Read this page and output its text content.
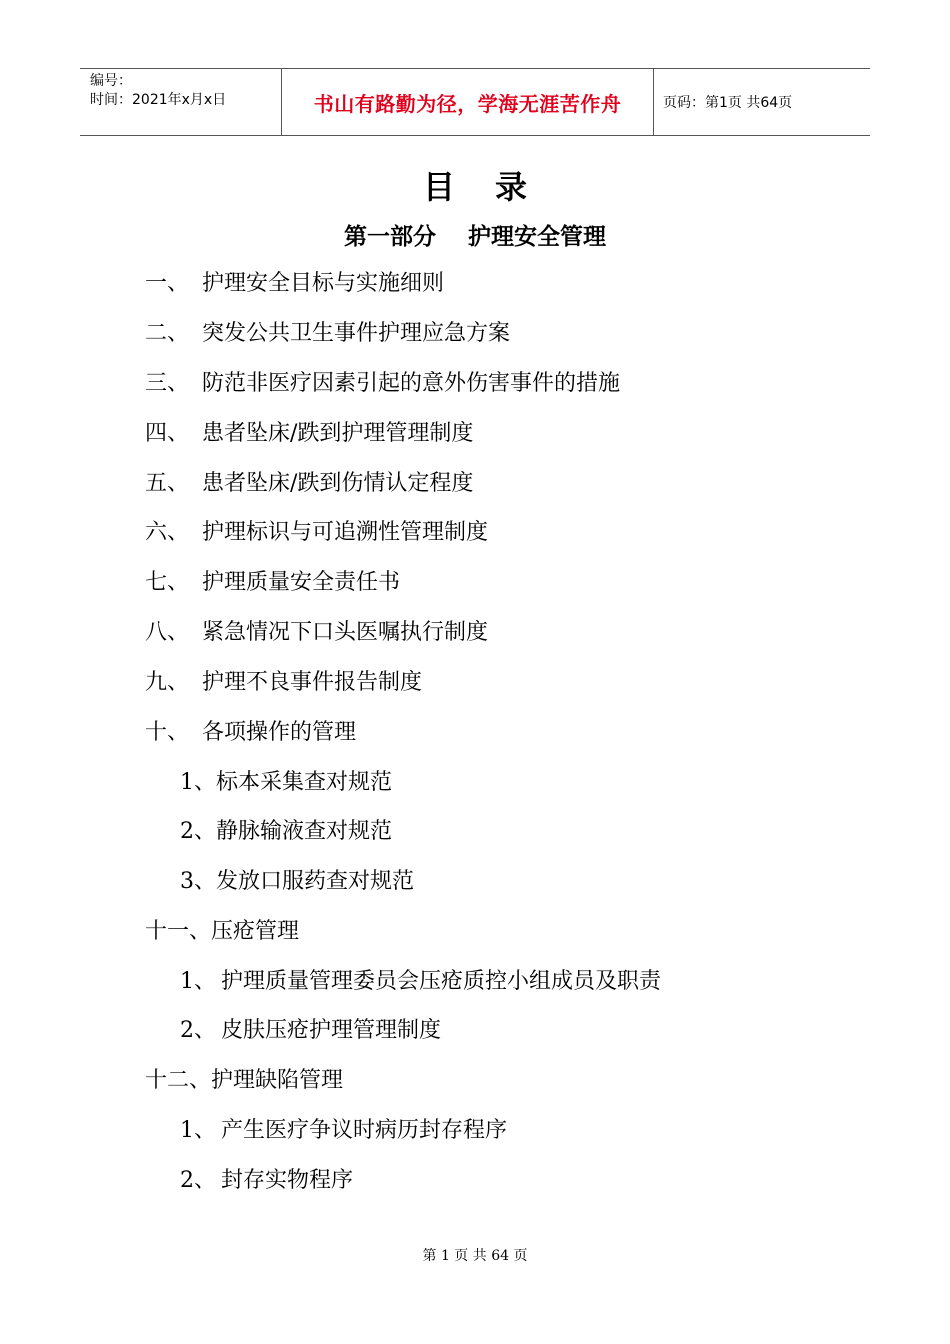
编号：
时间：2021年x月x日	书山有路勤为径，学海无涯苦作舟	页码：第1页 共64页
目录
第一部分    护理安全管理
一、 护理安全目标与实施细则
二、 突发公共卫生事件护理应急方案
三、 防范非医疗因素引起的意外伤害事件的措施
四、 患者坠床/跌到护理管理制度
五、 患者坠床/跌到伤情认定程度
六、 护理标识与可追溯性管理制度
七、 护理质量安全责任书
八、 紧急情况下口头医嘱执行制度
九、 护理不良事件报告制度
十、 各项操作的管理
1、标本采集查对规范
2、静脉输液查对规范
3、发放口服药查对规范
十一、压疮管理
1、 护理质量管理委员会压疮质控小组成员及职责
2、 皮肤压疮护理管理制度
十二、护理缺陷管理
1、 产生医疗争议时病历封存程序
2、 封存实物程序
第 1 页 共 64 页
